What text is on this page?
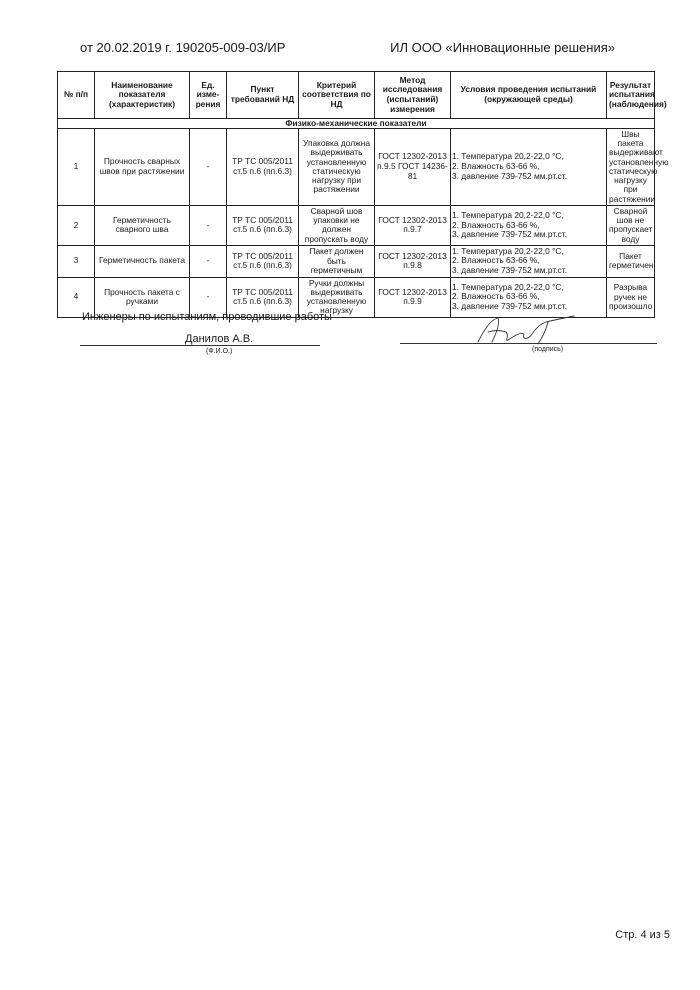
от 20.02.2019 г. 190205-009-03/ИР	ИЛ ООО «Инновационные решения»
№ п/п	Наименование показателя (характеристик)	Ед. изме-рения	Пункт требований НД	Критерий соответствия по НД	Метод исследования (испытаний) измерения	Условия проведения испытаний (окружающей среды)	Результат испытания (наблюдения)
Физико-механические показатели							
1	Прочность сварных швов при растяжении	-	ТР ТС 005/2011 ст.5 п.6 (пп.6.3)	Упаковка должна выдерживать установленную статическую нагрузку при растяжении	ГОСТ 12302-2013 п.9.5 ГОСТ 14236-81	1. Температура 20,2-22,0 °С,
2. Влажность 63-66 %,
3. давление 739-752 мм.рт.ст.	Швы пакета выдерживают установленную статическую нагрузку при растяжении
2	Герметичность сварного шва	-	ТР ТС 005/2011 ст.5 п.6 (пп.6.3)	Сварной шов упаковки не должен пропускать воду	ГОСТ 12302-2013 п.9.7	1. Температура 20,2-22,0 °С,
2. Влажность 63-66 %,
3. давление 739-752 мм.рт.ст.	Сварной шов не пропускает воду
3	Герметичность пакета	-	ТР ТС 005/2011 ст.5 п.6 (пп.6.3)	Пакет должен быть герметичным	ГОСТ 12302-2013 п.9.8	1. Температура 20,2-22,0 °С,
2. Влажность 63-66 %,
3. давление 739-752 мм.рт.ст.	Пакет герметичен
4	Прочность пакета с ручками	-	ТР ТС 005/2011 ст.5 п.6 (пп.6.3)	Ручки должны выдерживать установленную нагрузку	ГОСТ 12302-2013 п.9.9	1. Температура 20,2-22,0 °С,
2. Влажность 63-66 %,
3. давление 739-752 мм.рт.ст.	Разрыва ручек не произошло
Инженеры по испытаниям, проводившие работы
Данилов А.В.
(Ф.И.О.)	(подпись)
Стр. 4 из 5
